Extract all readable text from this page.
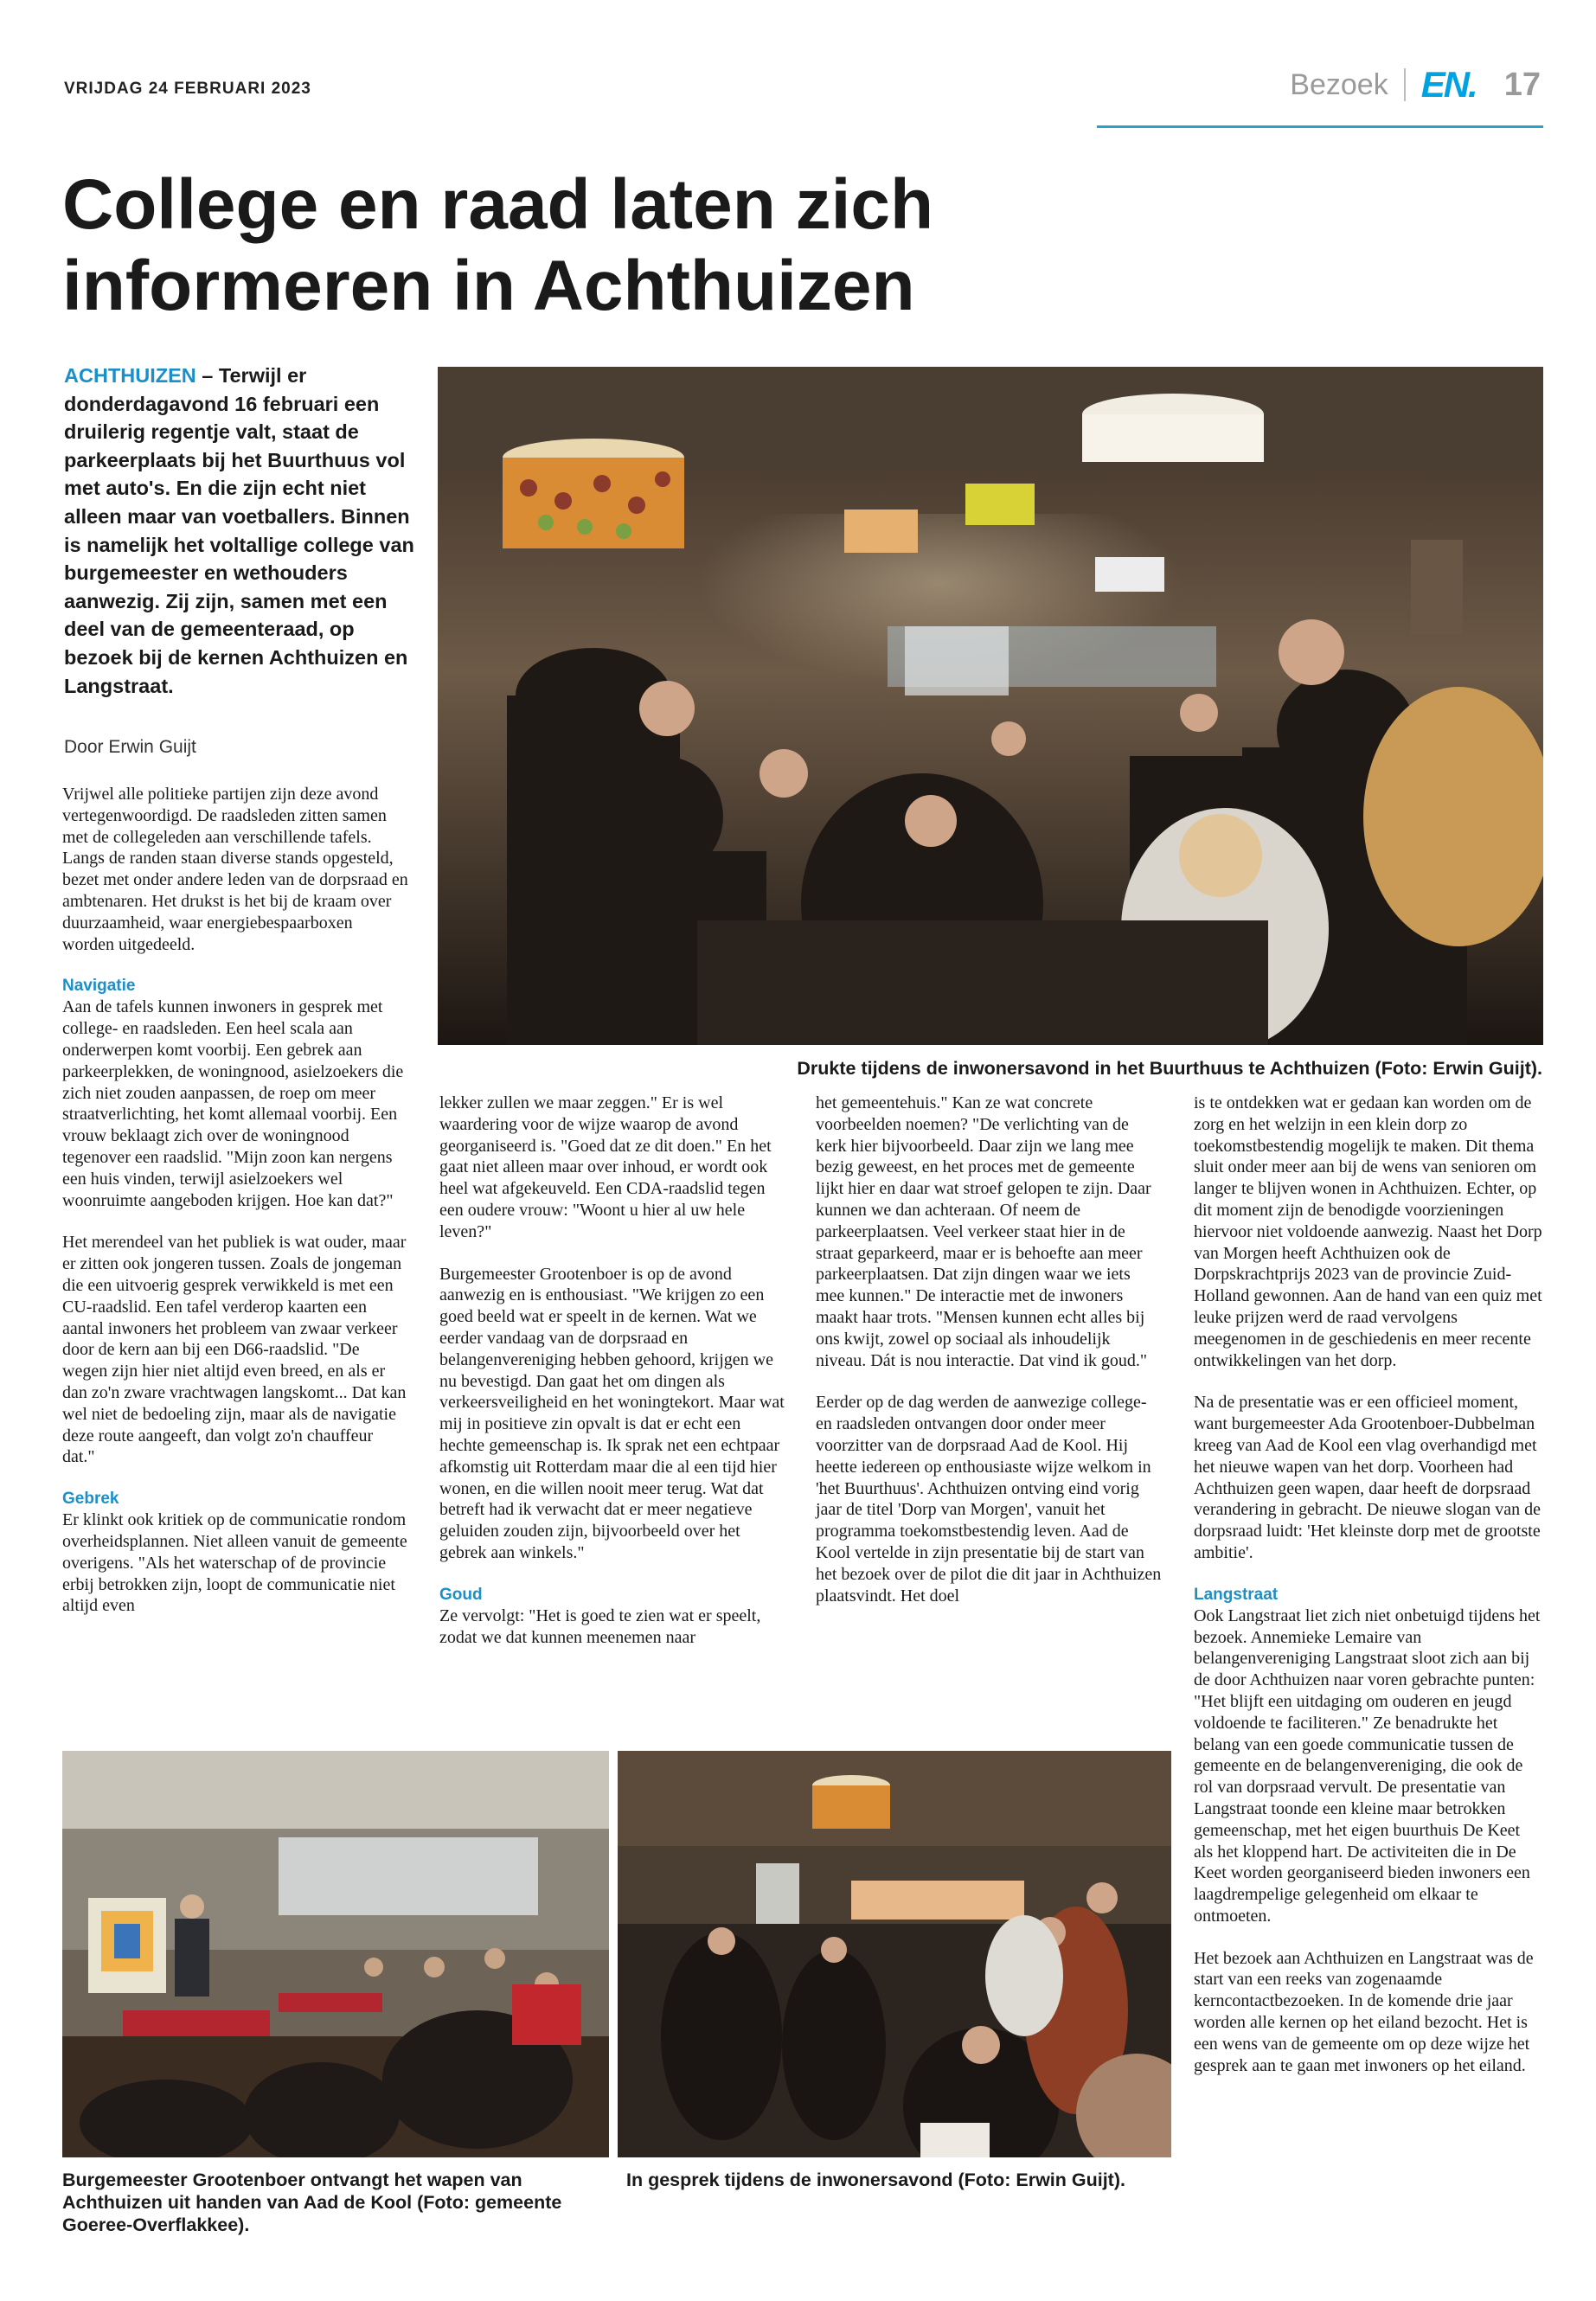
VRIJDAG 24 FEBRUARI 2023	Bezoek EN. 17
College en raad laten zich
informeren in Achthuizen
ACHTHUIZEN – Terwijl er donderdagavond 16 februari een druilerig regentje valt, staat de parkeerplaats bij het Buurthuus vol met auto's. En die zijn echt niet alleen maar van voetballers. Binnen is namelijk het voltallige college van burgemeester en wethouders aanwezig. Zij zijn, samen met een deel van de gemeenteraad, op bezoek bij de kernen Achthuizen en Langstraat.
Door Erwin Guijt
Drukte tijdens de inwonersavond in het Buurthuus te Achthuizen (Foto: Erwin Guijt).

Vrijwel alle politieke partijen zijn deze avond vertegenwoordigd. De raadsleden zitten samen met de collegeleden aan verschillende tafels. Langs de randen staan diverse stands opgesteld, bezet met onder andere leden van de dorpsraad en ambtenaren. Het drukst is het bij de kraam over duurzaamheid, waar energiebespaarboxen worden uitgedeeld.

Navigatie

Aan de tafels kunnen inwoners in gesprek met college- en raadsleden. Een heel scala aan onderwerpen komt voorbij. Een gebrek aan parkeerplekken, de woningnood, asielzoekers die zich niet zouden aanpassen, de roep om meer straatverlichting, het komt allemaal voorbij. Een vrouw beklaagt zich over de woningnood tegenover een raadslid. "Mijn zoon kan nergens een huis vinden, terwijl asielzoekers wel woonruimte aangeboden krijgen. Hoe kan dat?"

Het merendeel van het publiek is wat ouder, maar er zitten ook jongeren tussen. Zoals de jongeman die een uitvoerig gesprek verwikkeld is met een CU-raadslid. Een tafel verderop kaarten een aantal inwoners het probleem van zwaar verkeer door de kern aan bij een D66-raadslid. "De wegen zijn hier niet altijd even breed, en als er dan zo'n zware vrachtwagen langskomt... Dat kan wel niet de bedoeling zijn, maar als de navigatie deze route aangeeft, dan volgt zo'n chauffeur dat."

Gebrek

Er klinkt ook kritiek op de communicatie rondom overheidsplannen. Niet alleen vanuit de gemeente overigens. "Als het waterschap of de provincie erbij betrokken zijn, loopt de communicatie niet altijd even

lekker zullen we maar zeggen." Er is wel waardering voor de wijze waarop de avond georganiseerd is. "Goed dat ze dit doen." En het gaat niet alleen maar over inhoud, er wordt ook heel wat afgekeuveld. Een CDA-raadslid tegen een oudere vrouw: "Woont u hier al uw hele leven?"

Burgemeester Grootenboer is op de avond aanwezig en is enthousiast. "We krijgen zo een goed beeld wat er speelt in de kernen. Wat we eerder vandaag van de dorpsraad en belangenvereniging hebben gehoord, krijgen we nu bevestigd. Dan gaat het om dingen als verkeersveiligheid en het woningtekort. Maar wat mij in positieve zin opvalt is dat er echt een hechte gemeenschap is. Ik sprak net een echtpaar afkomstig uit Rotterdam maar die al een tijd hier wonen, en die willen nooit meer terug. Wat dat betreft had ik verwacht dat er meer negatieve geluiden zouden zijn, bijvoorbeeld over het gebrek aan winkels."

Goud

Ze vervolgt: "Het is goed te zien wat er speelt, zodat we dat kunnen meenemen naar

het gemeentehuis." Kan ze wat concrete voorbeelden noemen? "De verlichting van de kerk hier bijvoorbeeld. Daar zijn we lang mee bezig geweest, en het proces met de gemeente lijkt hier en daar wat stroef gelopen te zijn. Daar kunnen we dan achteraan. Of neem de parkeerplaatsen. Veel verkeer staat hier in de straat geparkeerd, maar er is behoefte aan meer parkeerplaatsen. Dat zijn dingen waar we iets mee kunnen." De interactie met de inwoners maakt haar trots. "Mensen kunnen echt alles bij ons kwijt, zowel op sociaal als inhoudelijk niveau. Dát is nou interactie. Dat vind ik goud."

Eerder op de dag werden de aanwezige college- en raadsleden ontvangen door onder meer voorzitter van de dorpsraad Aad de Kool. Hij heette iedereen op enthousiaste wijze welkom in 'het Buurthuus'. Achthuizen ontving eind vorig jaar de titel 'Dorp van Morgen', vanuit het programma toekomstbestendig leven. Aad de Kool vertelde in zijn presentatie bij de start van het bezoek over de pilot die dit jaar in Achthuizen plaatsvindt. Het doel

is te ontdekken wat er gedaan kan worden om de zorg en het welzijn in een klein dorp zo toekomstbestendig mogelijk te maken. Dit thema sluit onder meer aan bij de wens van senioren om langer te blijven wonen in Achthuizen. Echter, op dit moment zijn de benodigde voorzieningen hiervoor niet voldoende aanwezig. Naast het Dorp van Morgen heeft Achthuizen ook de Dorpskrachtprijs 2023 van de provincie Zuid-Holland gewonnen. Aan de hand van een quiz met leuke prijzen werd de raad vervolgens meegenomen in de geschiedenis en meer recente ontwikkelingen van het dorp.

Na de presentatie was er een officieel moment, want burgemeester Ada Grootenboer-Dubbelman kreeg van Aad de Kool een vlag overhandigd met het nieuwe wapen van het dorp. Voorheen had Achthuizen geen wapen, daar heeft de dorpsraad verandering in gebracht. De nieuwe slogan van de dorpsraad luidt: 'Het kleinste dorp met de grootste ambitie'.

Langstraat

Ook Langstraat liet zich niet onbetuigd tijdens het bezoek. Annemieke Lemaire van belangenvereniging Langstraat sloot zich aan bij de door Achthuizen naar voren gebrachte punten: "Het blijft een uitdaging om ouderen en jeugd voldoende te faciliteren." Ze benadrukte het belang van een goede communicatie tussen de gemeente en de belangenvereniging, die ook de rol van dorpsraad vervult. De presentatie van Langstraat toonde een kleine maar betrokken gemeenschap, met het eigen buurthuis De Keet als het kloppend hart. De activiteiten die in De Keet worden georganiseerd bieden inwoners een laagdrempelige gelegenheid om elkaar te ontmoeten.

Het bezoek aan Achthuizen en Langstraat was de start van een reeks van zogenaamde kerncontactbezoeken. In de komende drie jaar worden alle kernen op het eiland bezocht. Het is een wens van de gemeente om op deze wijze het gesprek aan te gaan met inwoners op het eiland.

Burgemeester Grootenboer ontvangt het wapen van Achthuizen uit handen van Aad de Kool (Foto: gemeente Goeree-Overflakkee).
In gesprek tijdens de inwonersavond (Foto: Erwin Guijt).
